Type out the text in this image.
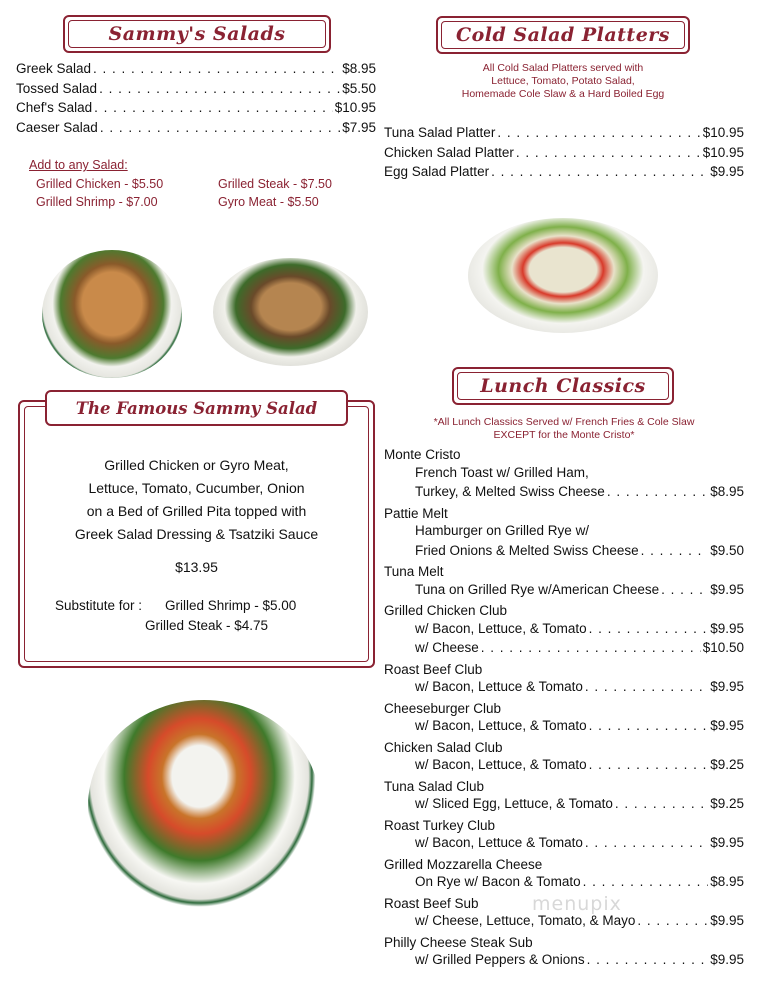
Sammy's Salads
Greek Salad . . .	$8.95
Tossed Salad . . .	$5.50
Chef's Salad . . .	$10.95
Caeser Salad . . .	$7.95
Add to any Salad:
Grilled Chicken - $5.50	Grilled Steak - $7.50
Grilled Shrimp - $7.00	Gyro Meat - $5.50
Cold Salad Platters
All Cold Salad Platters served with
Lettuce, Tomato, Potato Salad,
Homemade Cole Slaw & a Hard Boiled Egg
Tuna Salad Platter . . .	$10.95
Chicken Salad Platter . . .	$10.95
Egg Salad Platter . . .	$9.95
The Famous Sammy Salad
Grilled Chicken or Gyro Meat,
Lettuce, Tomato, Cucumber, Onion
on a Bed of Grilled Pita topped with
Greek Salad Dressing & Tsatziki Sauce
$13.95
Substitute for : Grilled Shrimp - $5.00
Grilled Steak - $4.75
Lunch Classics
*All Lunch Classics Served w/ French Fries & Cole Slaw
EXCEPT for the Monte Cristo*
Monte Cristo
French Toast w/ Grilled Ham,
Turkey, & Melted Swiss Cheese . . .	$8.95
Pattie Melt
Hamburger on Grilled Rye w/
Fried Onions & Melted Swiss Cheese . . .	$9.50
Tuna Melt
Tuna on Grilled Rye w/American Cheese . . .	$9.95
Grilled Chicken Club
w/ Bacon, Lettuce, & Tomato . . .	$9.95
w/ Cheese . . .	$10.50
Roast Beef Club
w/ Bacon, Lettuce & Tomato . . .	$9.95
Cheeseburger Club
w/ Bacon, Lettuce, & Tomato . . .	$9.95
Chicken Salad Club
w/ Bacon, Lettuce, & Tomato . . .	$9.25
Tuna Salad Club
w/ Sliced Egg, Lettuce, & Tomato . . .	$9.25
Roast Turkey Club
w/ Bacon, Lettuce & Tomato . . .	$9.95
Grilled Mozzarella Cheese
On Rye w/ Bacon & Tomato . . .	$8.95
Roast Beef Sub
w/ Cheese, Lettuce, Tomato, & Mayo . . .	$9.95
Philly Cheese Steak Sub
w/ Grilled Peppers & Onions . . .	$9.95
menupix
